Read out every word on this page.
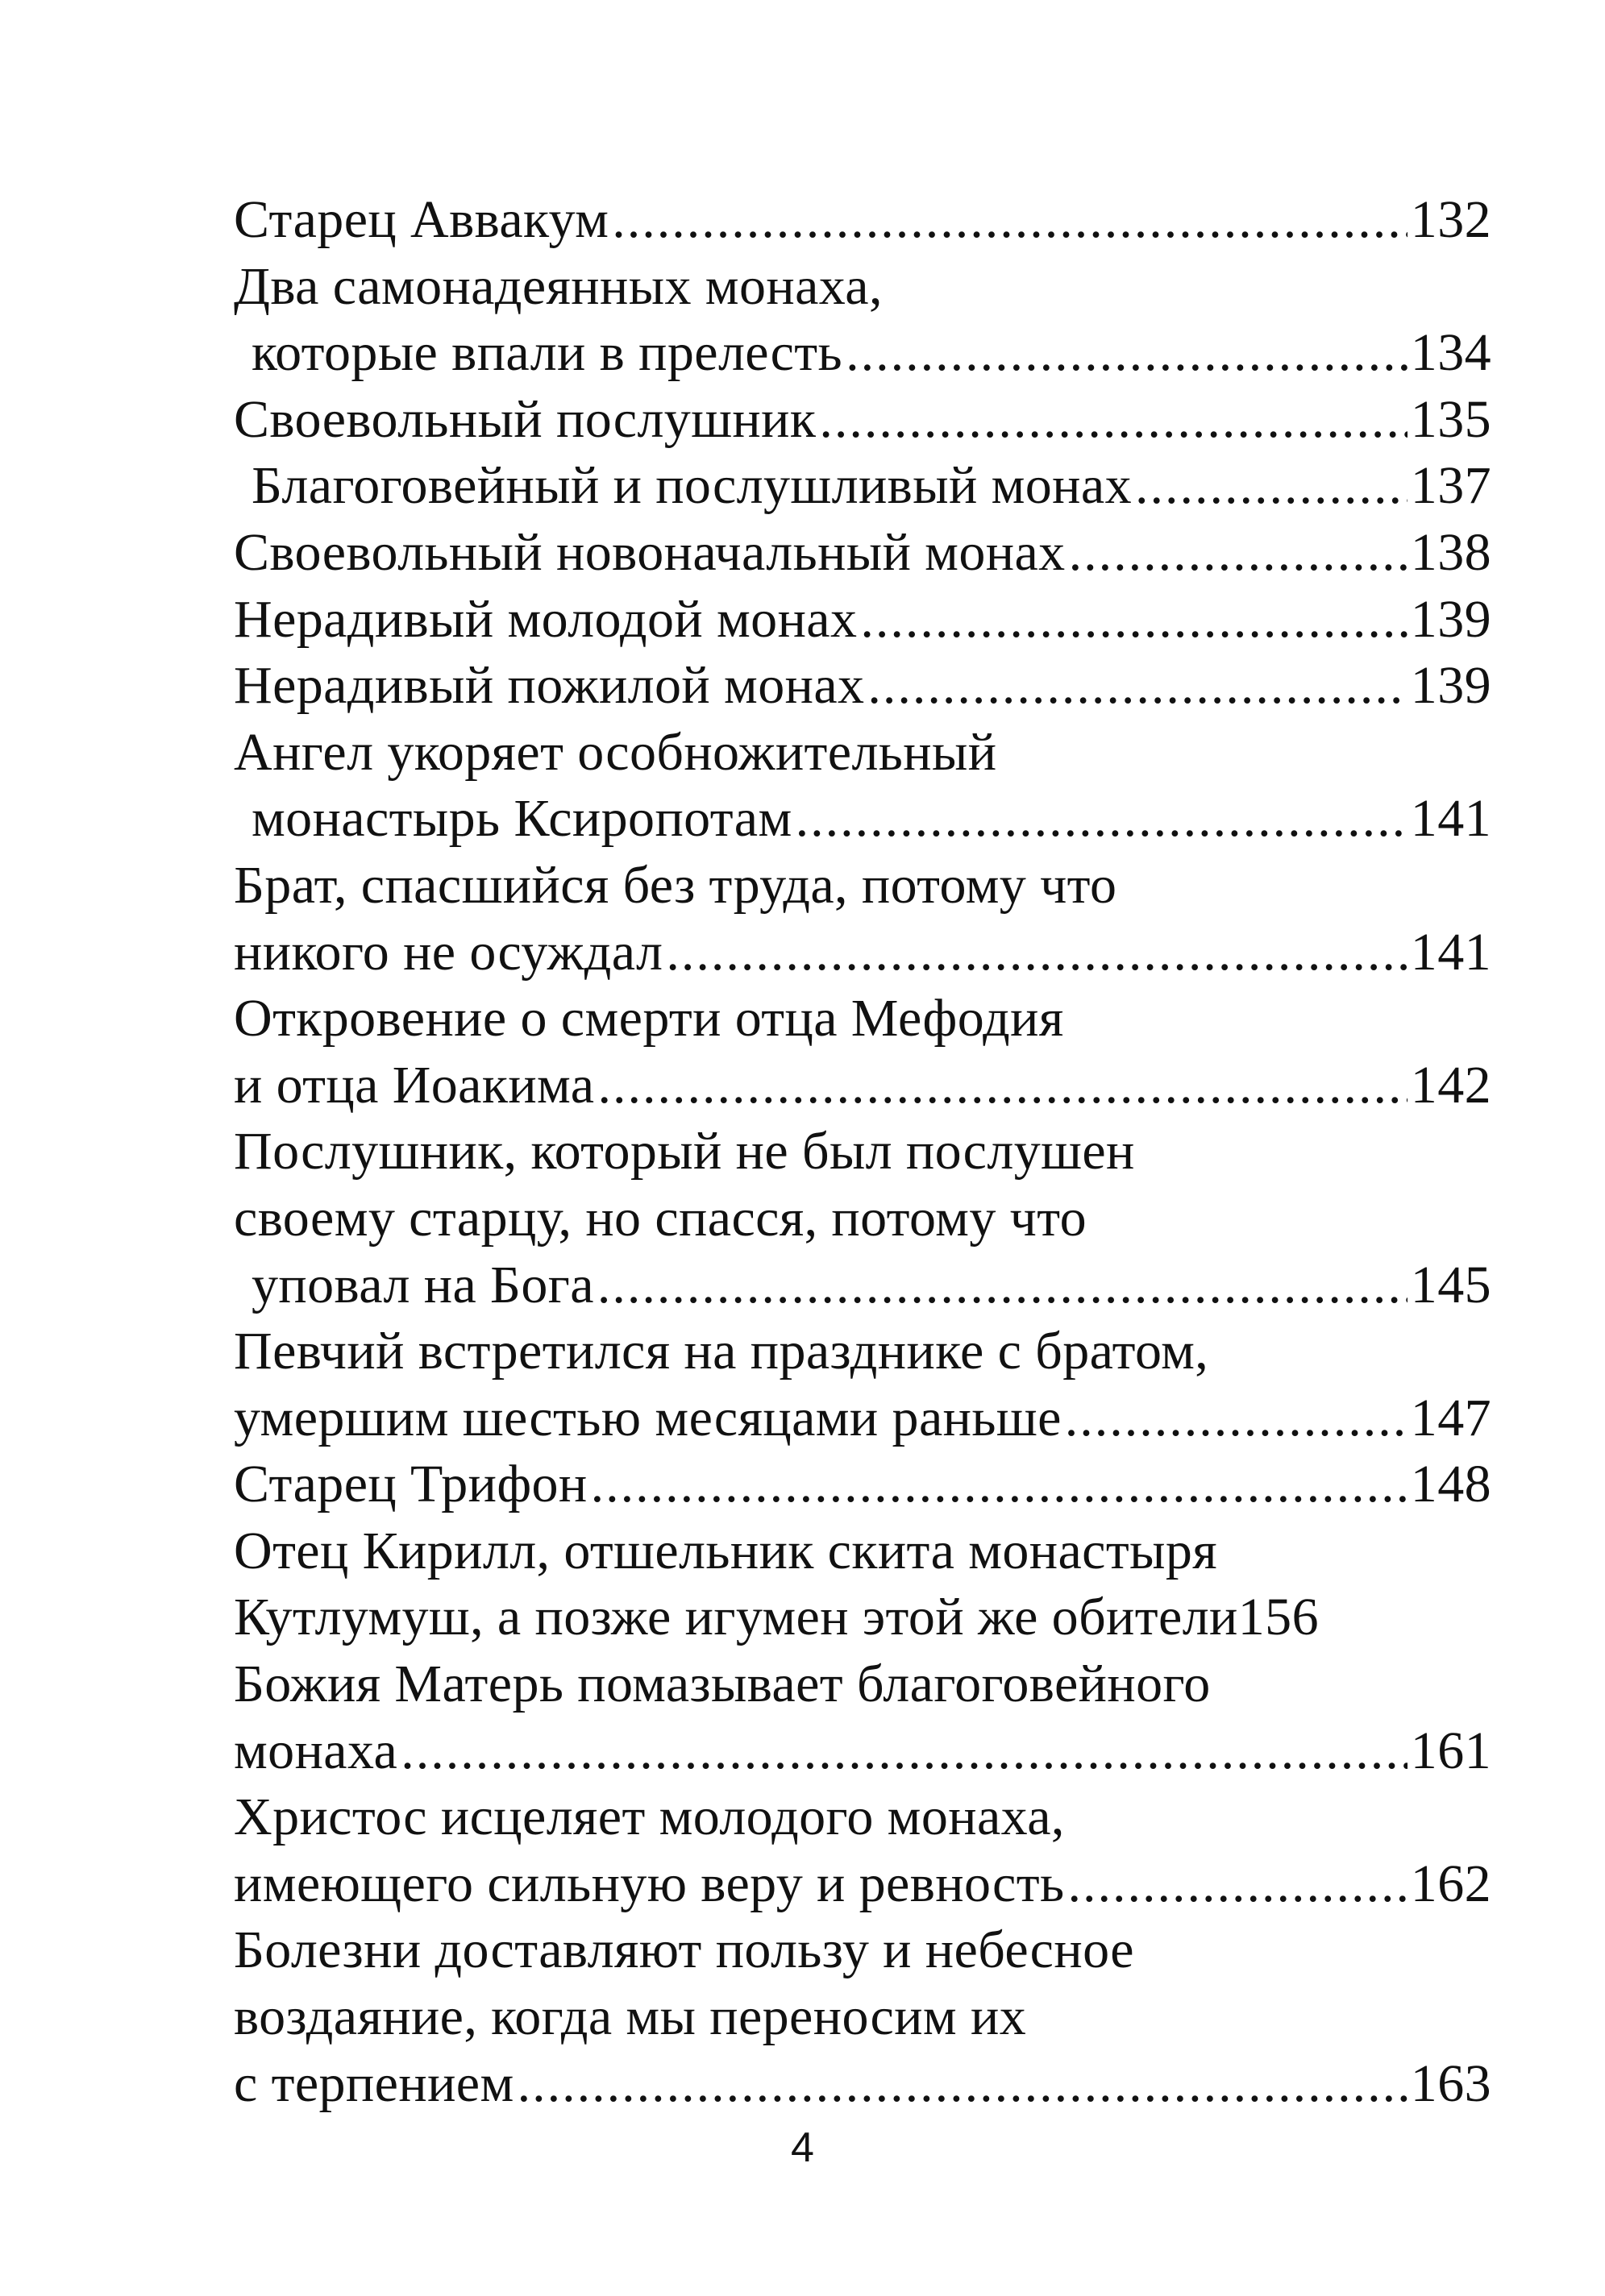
Старец Аввакум .....	132
Два самонадеянных монаха,
которые впали в прелесть .....	134
Своевольный послушник .....	135
Благоговейный и послушливый монах .....	137
Своевольный новоначальный монах .....	138
Нерадивый молодой монах .....	139
Нерадивый пожилой монах .....	139
Ангел укоряет особножительный
монастырь Ксиропотам .....	141
Брат, спасшийся без труда, потому что
никого не осуждал .....	141
Откровение о смерти отца Мефодия
и отца Иоакима .....	142
Послушник, который не был послушен
своему старцу, но спасся, потому что
уповал на Бога .....	145
Певчий встретился на празднике с братом,
умершим шестью месяцами раньше .....	147
Старец Трифон .....	148
Отец Кирилл, отшельник скита монастыря
Кутлумуш, а позже игумен этой же обители 156
Божия Матерь помазывает благоговейного
монаха .....	161
Христос исцеляет молодого монаха,
имеющего сильную веру и ревность .....	162
Болезни доставляют пользу и небесное
воздаяние, когда мы переносим их
с терпением .....	163
4
